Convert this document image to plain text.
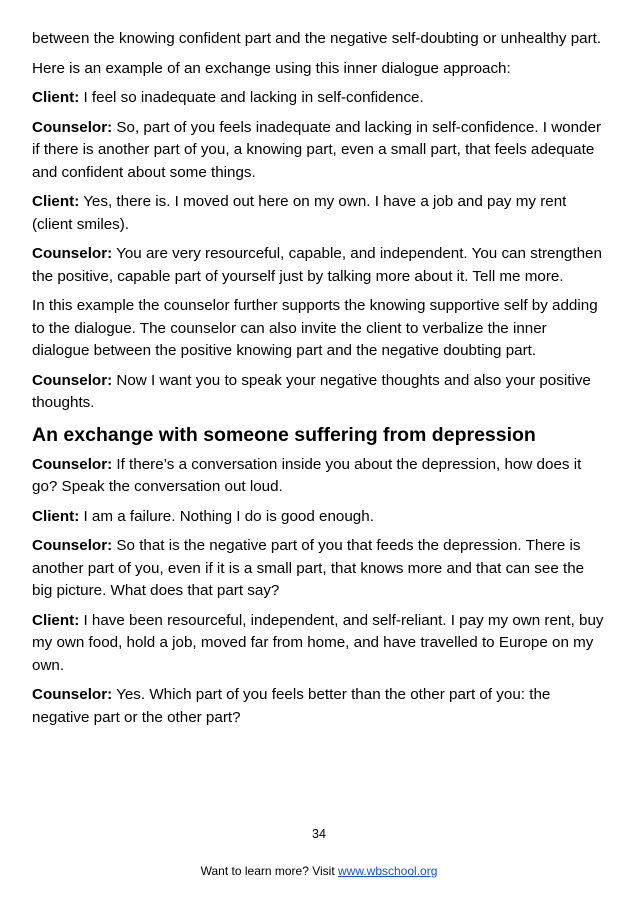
between the knowing confident part and the negative self-doubting or unhealthy part.

Here is an example of an exchange using this inner dialogue approach:

Client: I feel so inadequate and lacking in self-confidence.

Counselor: So, part of you feels inadequate and lacking in self-confidence. I wonder if there is another part of you, a knowing part, even a small part, that feels adequate and confident about some things.

Client: Yes, there is. I moved out here on my own. I have a job and pay my rent (client smiles).

Counselor: You are very resourceful, capable, and independent. You can strengthen the positive, capable part of yourself just by talking more about it. Tell me more.

In this example the counselor further supports the knowing supportive self by adding to the dialogue. The counselor can also invite the client to verbalize the inner dialogue between the positive knowing part and the negative doubting part.

Counselor: Now I want you to speak your negative thoughts and also your positive thoughts.

An exchange with someone suffering from depression

Counselor: If there’s a conversation inside you about the depression, how does it go? Speak the conversation out loud.

Client: I am a failure. Nothing I do is good enough.

Counselor: So that is the negative part of you that feeds the depression. There is another part of you, even if it is a small part, that knows more and that can see the big picture. What does that part say?

Client: I have been resourceful, independent, and self-reliant. I pay my own rent, buy my own food, hold a job, moved far from home, and have travelled to Europe on my own.

Counselor: Yes. Which part of you feels better than the other part of you: the negative part or the other part?

34
Want to learn more? Visit www.wbschool.org
